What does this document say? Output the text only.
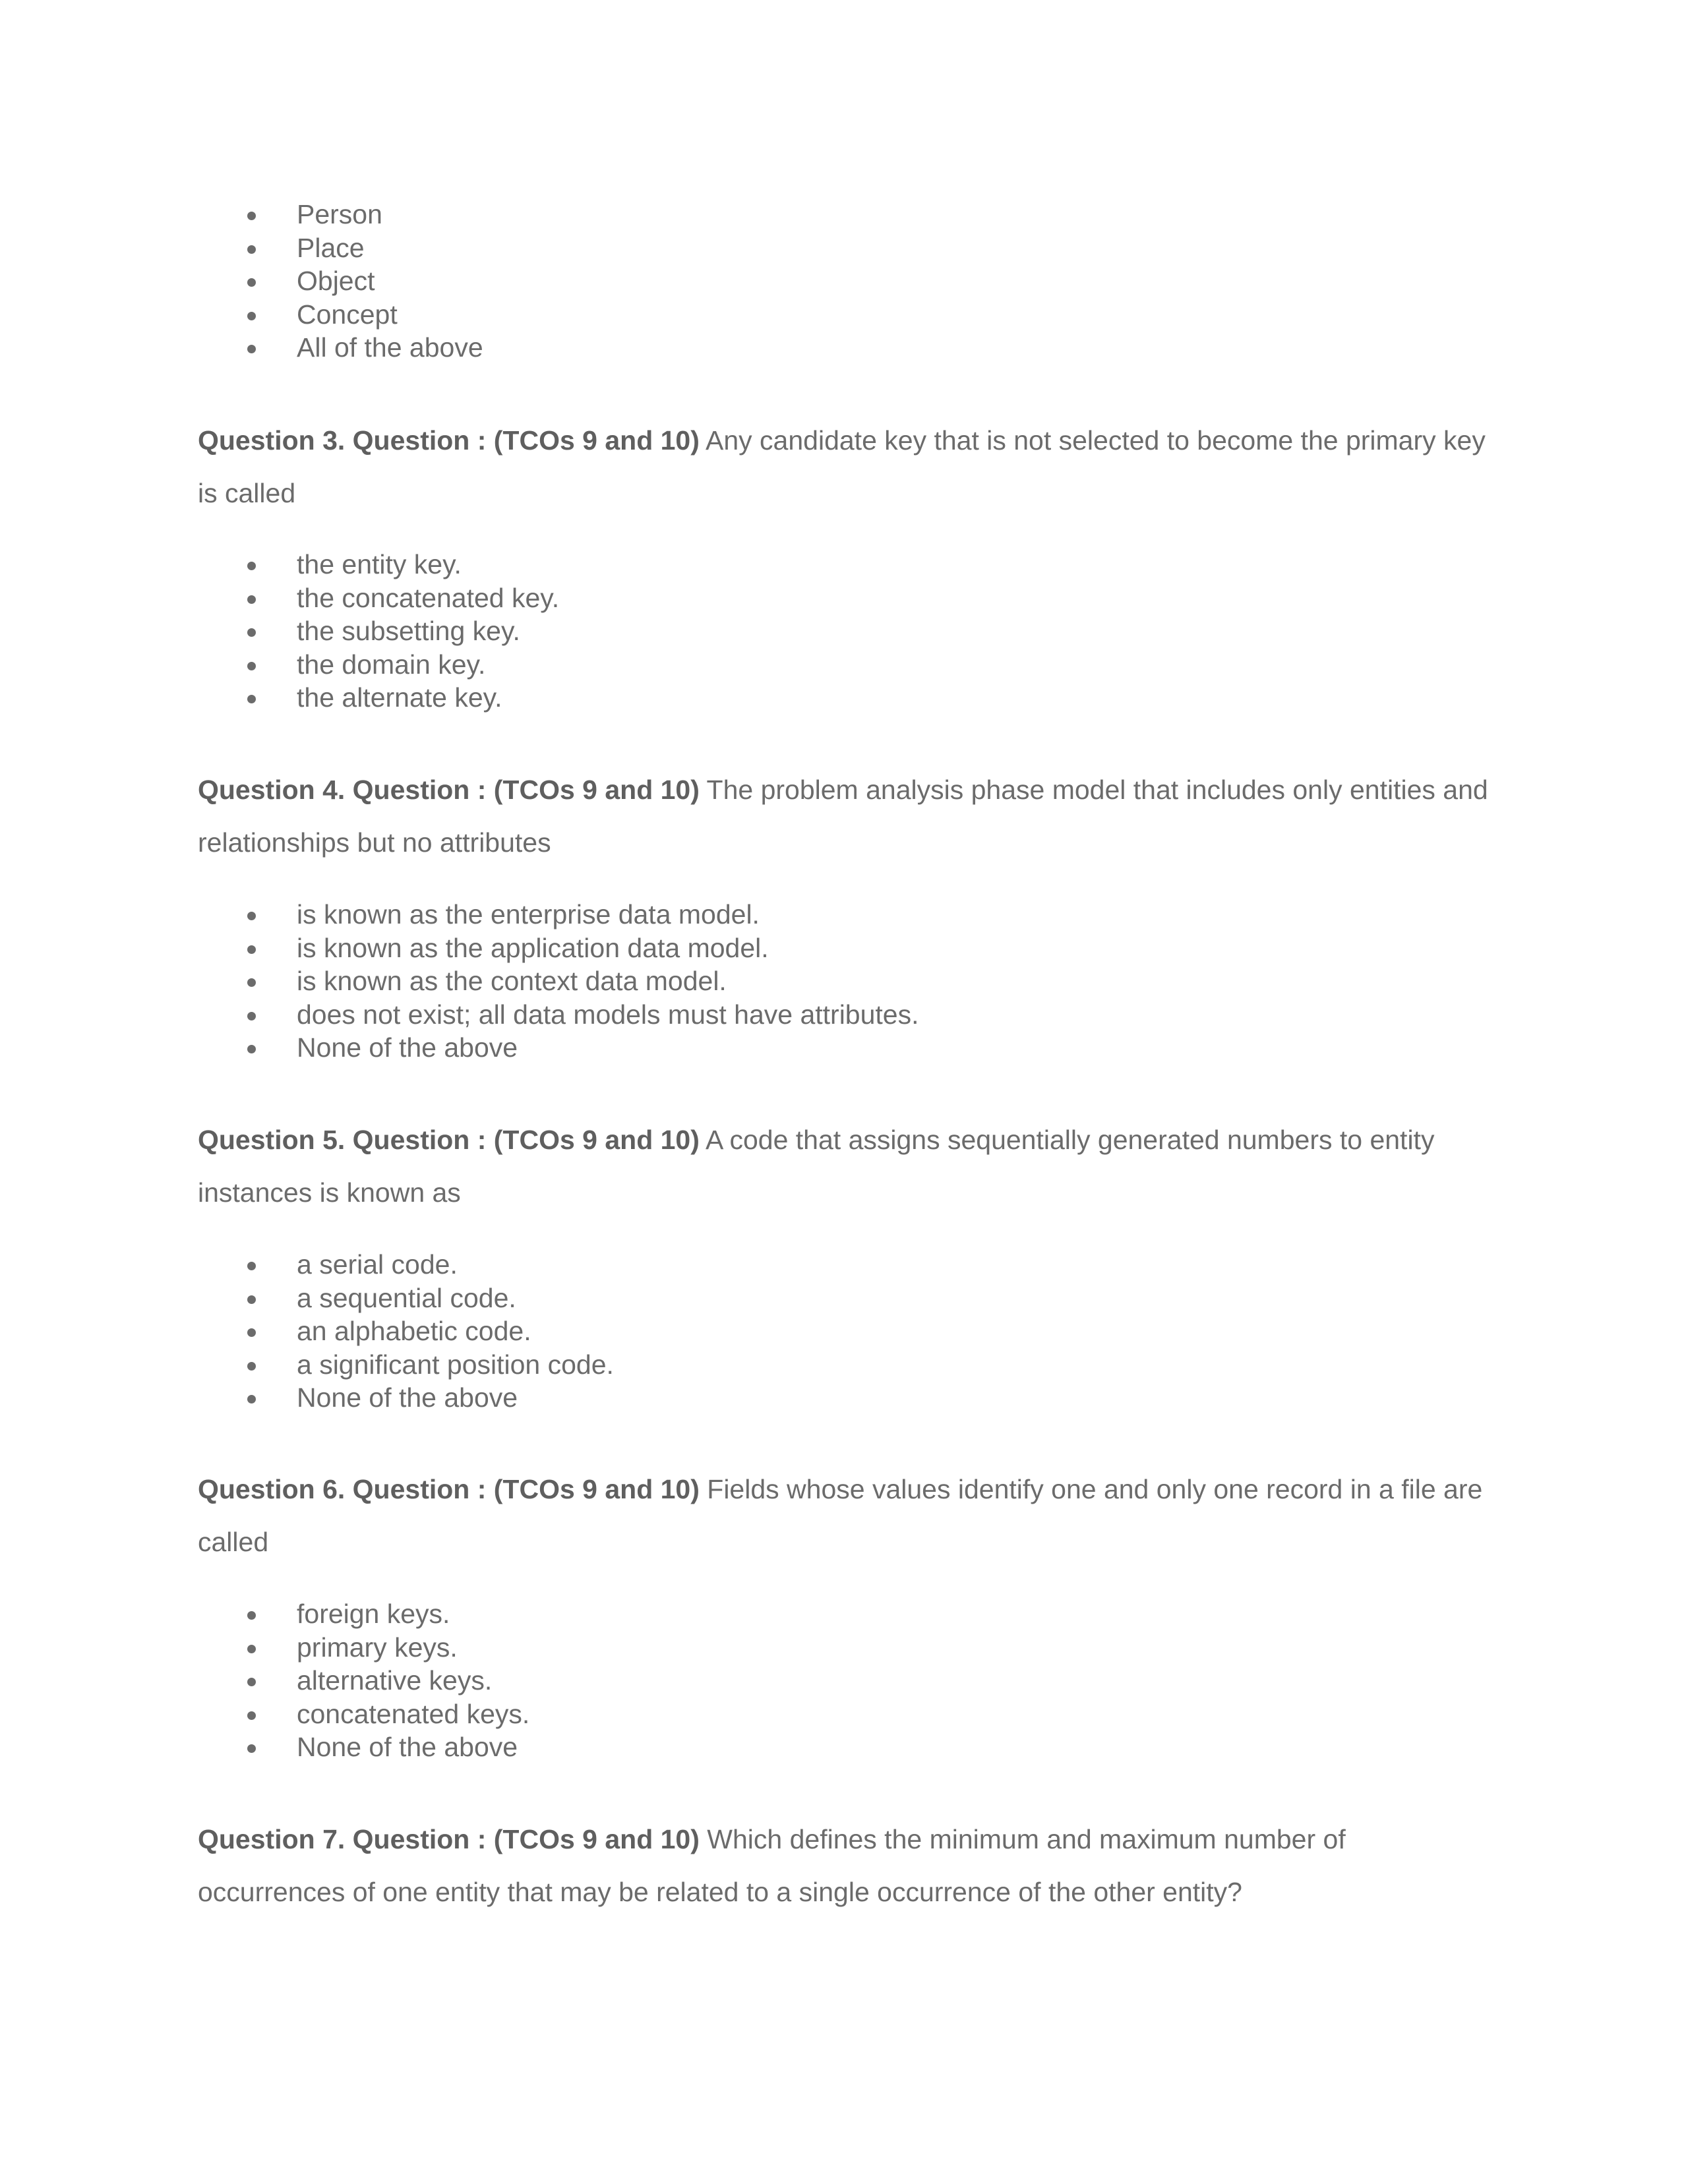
Person
Place
Object
Concept
All of the above
Question 3. Question : (TCOs 9 and 10) Any candidate key that is not selected to become the primary key is called
the entity key.
the concatenated key.
the subsetting key.
the domain key.
the alternate key.
Question 4. Question : (TCOs 9 and 10) The problem analysis phase model that includes only entities and relationships but no attributes
is known as the enterprise data model.
is known as the application data model.
is known as the context data model.
does not exist; all data models must have attributes.
None of the above
Question 5. Question : (TCOs 9 and 10) A code that assigns sequentially generated numbers to entity instances is known as
a serial code.
a sequential code.
an alphabetic code.
a significant position code.
None of the above
Question 6. Question : (TCOs 9 and 10) Fields whose values identify one and only one record in a file are called
foreign keys.
primary keys.
alternative keys.
concatenated keys.
None of the above
Question 7. Question : (TCOs 9 and 10) Which defines the minimum and maximum number of occurrences of one entity that may be related to a single occurrence of the other entity?
